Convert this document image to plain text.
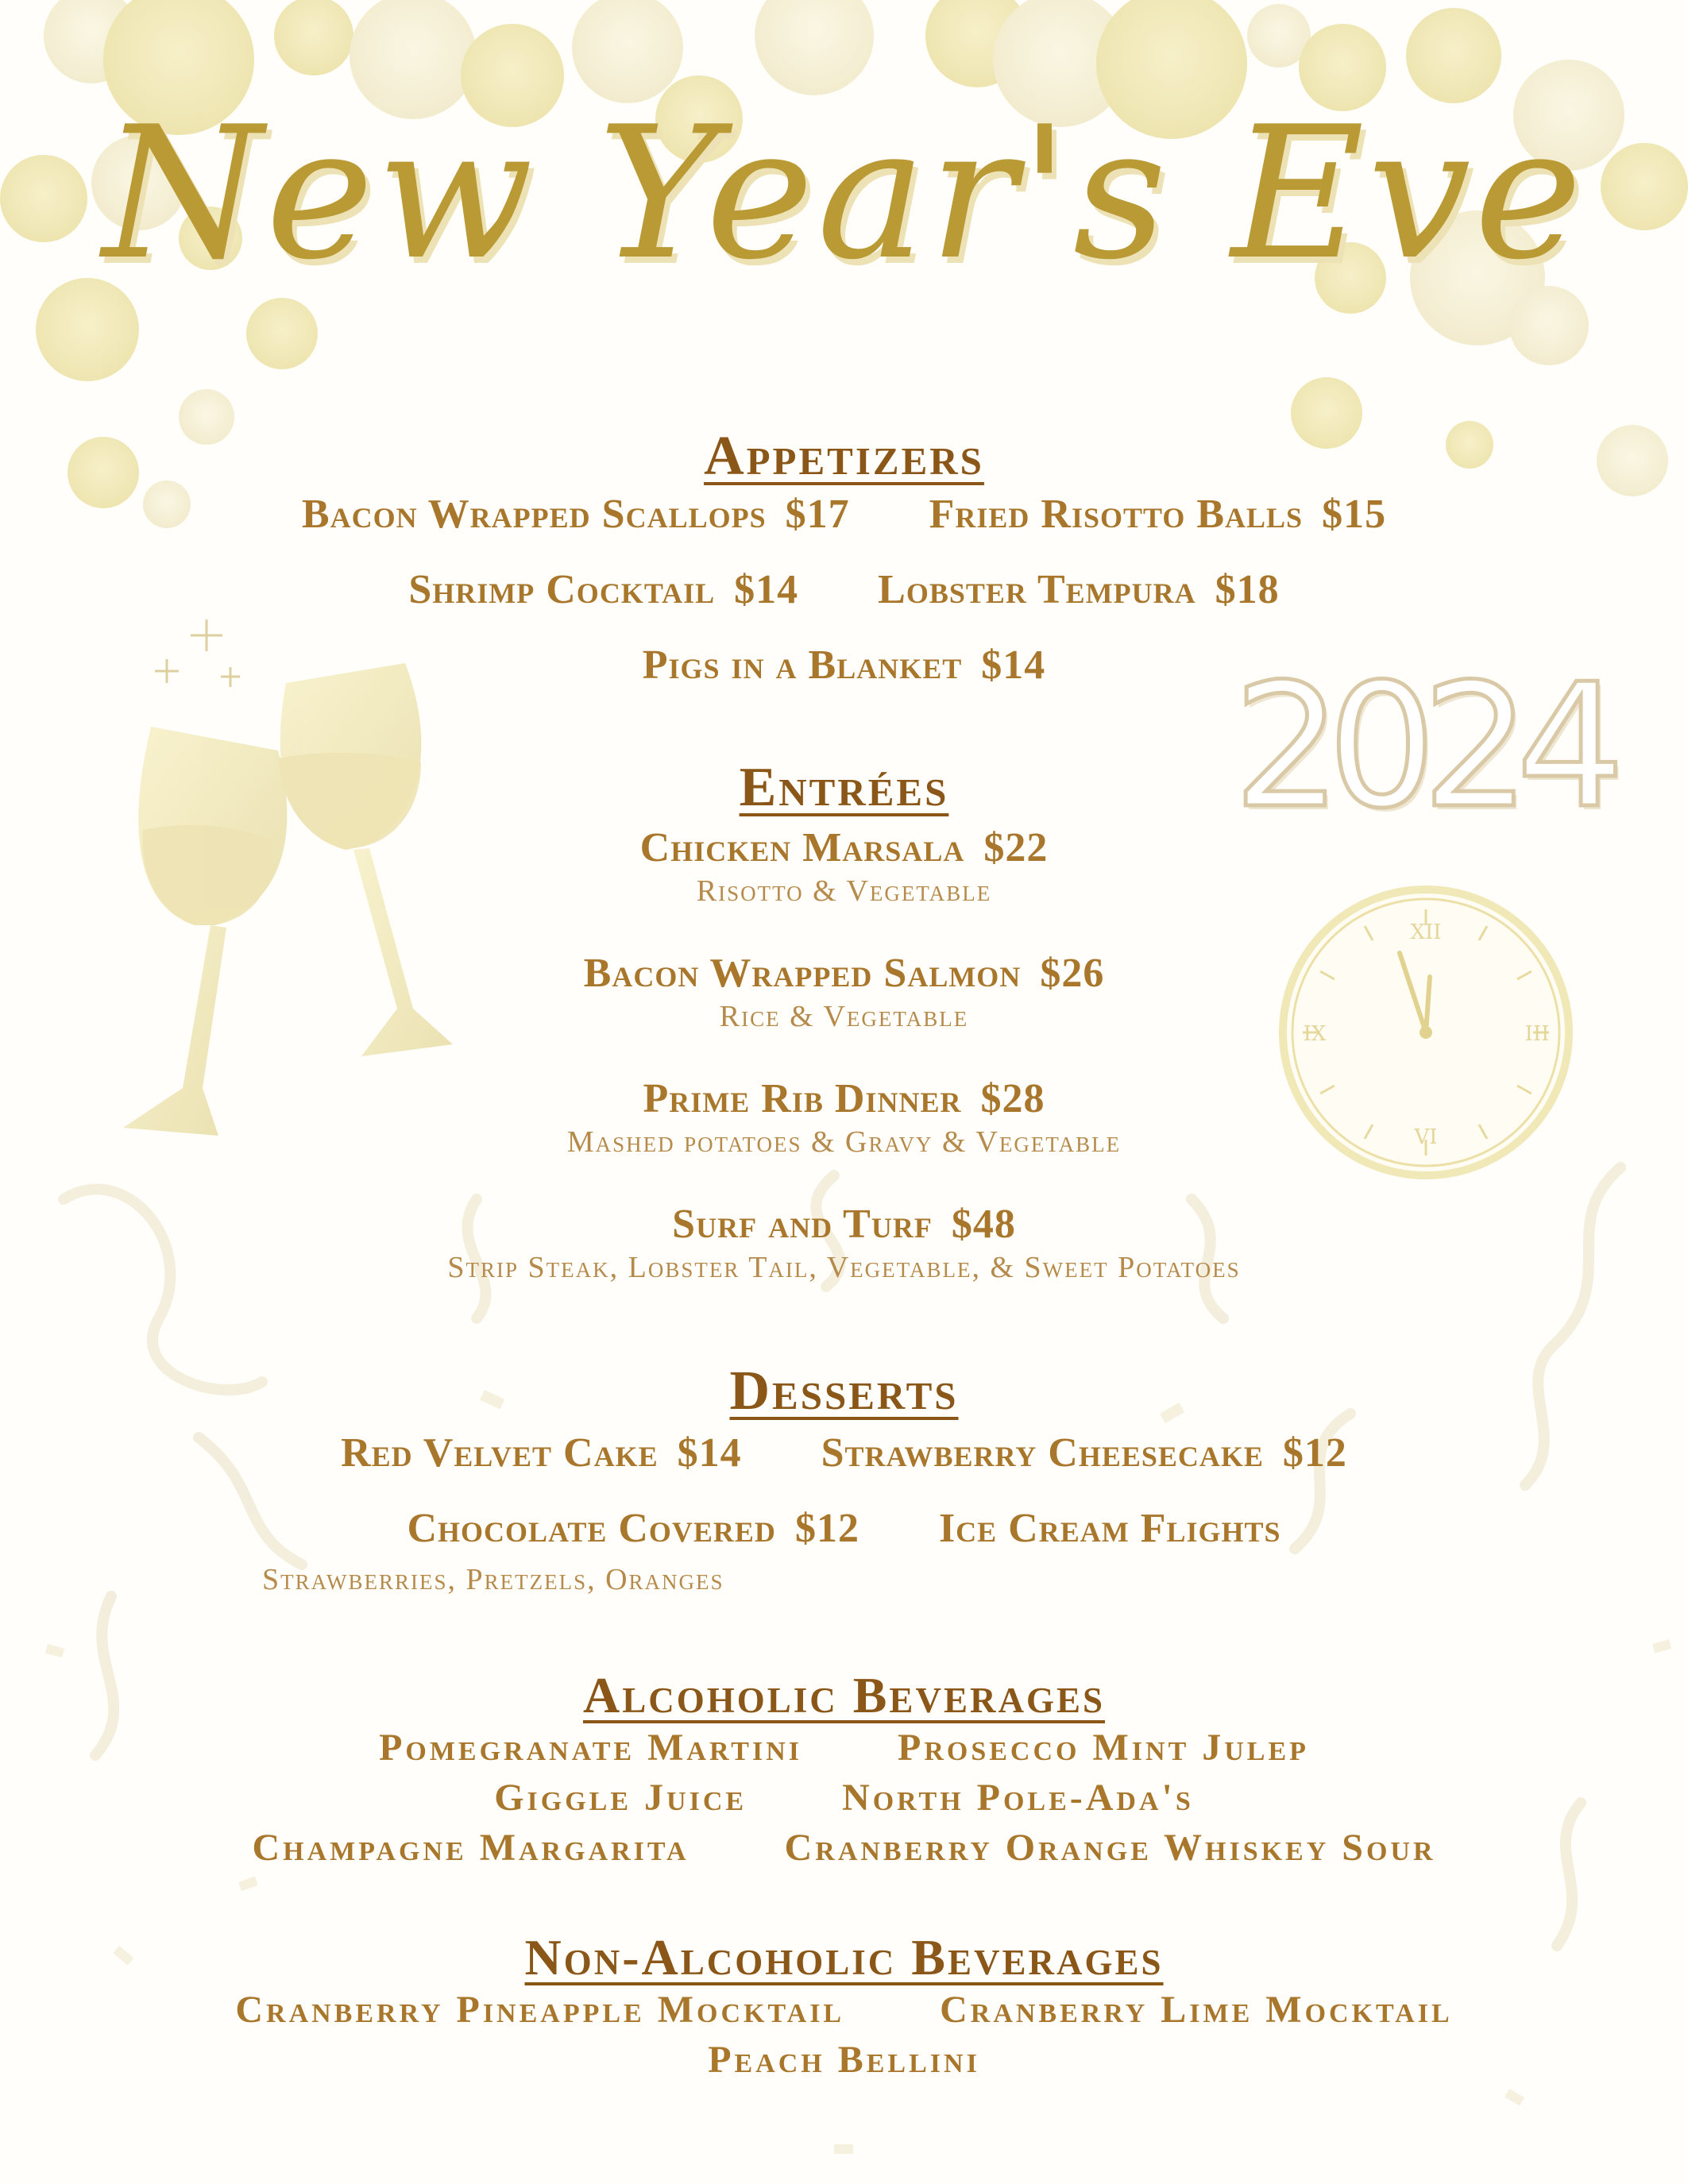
2024
XII
VI
IX	III
New Year's Eve
Appetizers
Bacon Wrapped Scallops $17 Fried Risotto Balls $15
Shrimp Cocktail $14 Lobster Tempura $18
Pigs in a Blanket $14
Entrées
Chicken Marsala $22
Risotto & Vegetable
Bacon Wrapped Salmon $26
Rice & Vegetable
Prime Rib Dinner $28
Mashed potatoes & Gravy & Vegetable
Surf and Turf $48
Strip Steak, Lobster Tail, Vegetable, & Sweet Potatoes
Desserts
Red Velvet Cake $14 Strawberry Cheesecake $12
Chocolate Covered $12 Ice Cream Flights
Strawberries, Pretzels, Oranges
Alcoholic Beverages
Pomegranate Martini	Prosecco Mint Julep
Giggle Juice	North Pole-Ada's
Champagne Margarita	Cranberry Orange Whiskey Sour
Non-Alcoholic Beverages
Cranberry Pineapple Mocktail	Cranberry Lime Mocktail
Peach Bellini
